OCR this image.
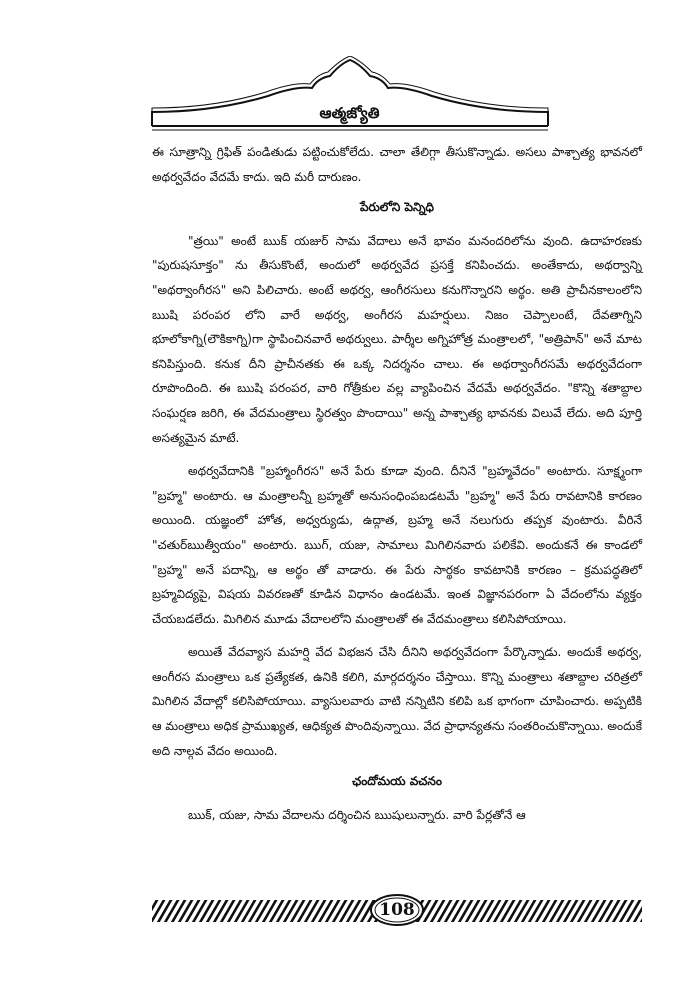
ఆత్మజ్యోతి

ఈ సూత్రాన్ని గ్రిఫిత్ పండితుడు పట్టించుకోలేదు. చాలా తేలిగ్గా తీసుకొన్నాడు. అసలు పాశ్చాత్య భావనలో అథర్వవేదం వేదమే కాదు. ఇది మరీ దారుణం.

పేరులోని పెన్నిధి

"త్రయి" అంటే ఋక్ యజుర్ సామ వేదాలు అనే భావం మనందరిలోను వుంది. ఉదాహరణకు "పురుషసూక్తం" ను తీసుకొంటే, అందులో అథర్వవేద ప్రసక్తే కనిపించదు. అంతేకాదు, అథర్వాన్ని "అథర్వాంగీరస" అని పిలిచారు. అంటే అథర్వ, ఆంగీరసులు కనుగొన్నారని అర్థం. అతి ప్రాచీనకాలంలోని ఋషి పరంపర లోని వారే అథర్వ, అంగీరస మహర్షులు. నిజం చెప్పాలంటే, దేవతాగ్నిని భూలోకాగ్ని(లౌకికాగ్ని)గా స్థాపించినవారే అథర్వులు. పార్శీల అగ్నిహోత్ర మంత్రాలలో, "అత్రిపాన్" అనే మాట కనిపిస్తుంది. కనుక దీని ప్రాచీనతకు ఈ ఒక్క నిదర్శనం చాలు. ఈ అథర్వాంగీరసమే అథర్వవేదంగా రూపొందింది. ఈ ఋషి పరంపర, వారి గోత్రీకుల వల్ల వ్యాపించిన వేదమే అథర్వవేదం. "కొన్ని శతాబ్దాల సంఘర్షణ జరిగి, ఈ వేదమంత్రాలు స్థిరత్వం పొందాయి" అన్న పాశ్చాత్య భావనకు విలువే లేదు. అది పూర్తి అసత్యమైన మాటే.

అథర్వవేదానికి "బ్రహ్మాంగీరస" అనే పేరు కూడా వుంది. దీనినే "బ్రహ్మవేదం" అంటారు. సూక్ష్మంగా "బ్రహ్మ" అంటారు. ఆ మంత్రాలన్నీ బ్రహ్మతో అనుసంధింపబడటమే "బ్రహ్మ" అనే పేరు రావటానికి కారణం అయింది. యజ్ఞంలో హోత, అధ్వర్యుడు, ఉద్గాత, బ్రహ్మ అనే నలుగురు తప్పక వుంటారు. వీరినే "చతుర్ఋత్వీయం" అంటారు. ఋగ్, యజు, సామాలు మిగిలినవారు పలికేవి. అందుకనే ఈ కాండలో "బ్రహ్మ" అనే పదాన్ని, ఆ అర్థం తో వాడారు. ఈ పేరు సార్థకం కావటానికి కారణం – క్రమపద్ధతిలో బ్రహ్మవిద్యపై, విషయ వివరణతో కూడిన విధానం ఉండటమే. ఇంత విజ్ఞానపరంగా ఏ వేదంలోను వ్యక్తం చేయబడలేదు. మిగిలిన మూడు వేదాలలోని మంత్రాలతో ఈ వేదమంత్రాలు కలిసిపోయాయి.

అయితే వేదవ్యాస మహర్షి వేద విభజన చేసి దీనిని అథర్వవేదంగా పేర్కొన్నాడు. అందుకే అథర్వ, ఆంగీరస మంత్రాలు ఒక ప్రత్యేకత, ఉనికి కలిగి, మార్గదర్శనం చేస్తాయి. కొన్ని మంత్రాలు శతాబ్దాల చరిత్రలో మిగిలిన వేదాల్లో కలిసిపోయాయి. వ్యాసులవారు వాటి నన్నిటిని కలిపి ఒక భాగంగా చూపించారు. అప్పటికి ఆ మంత్రాలు అధిక ప్రాముఖ్యత, ఆధిక్యత పొందివున్నాయి. వేద ప్రాధాన్యతను సంతరించుకొన్నాయి. అందుకే అది నాల్గవ వేదం అయింది.

ఛందోమయ వచనం

ఋక్, యజు, సామ వేదాలను దర్శించిన ఋషులున్నారు. వారి పేర్లతోనే ఆ

108
